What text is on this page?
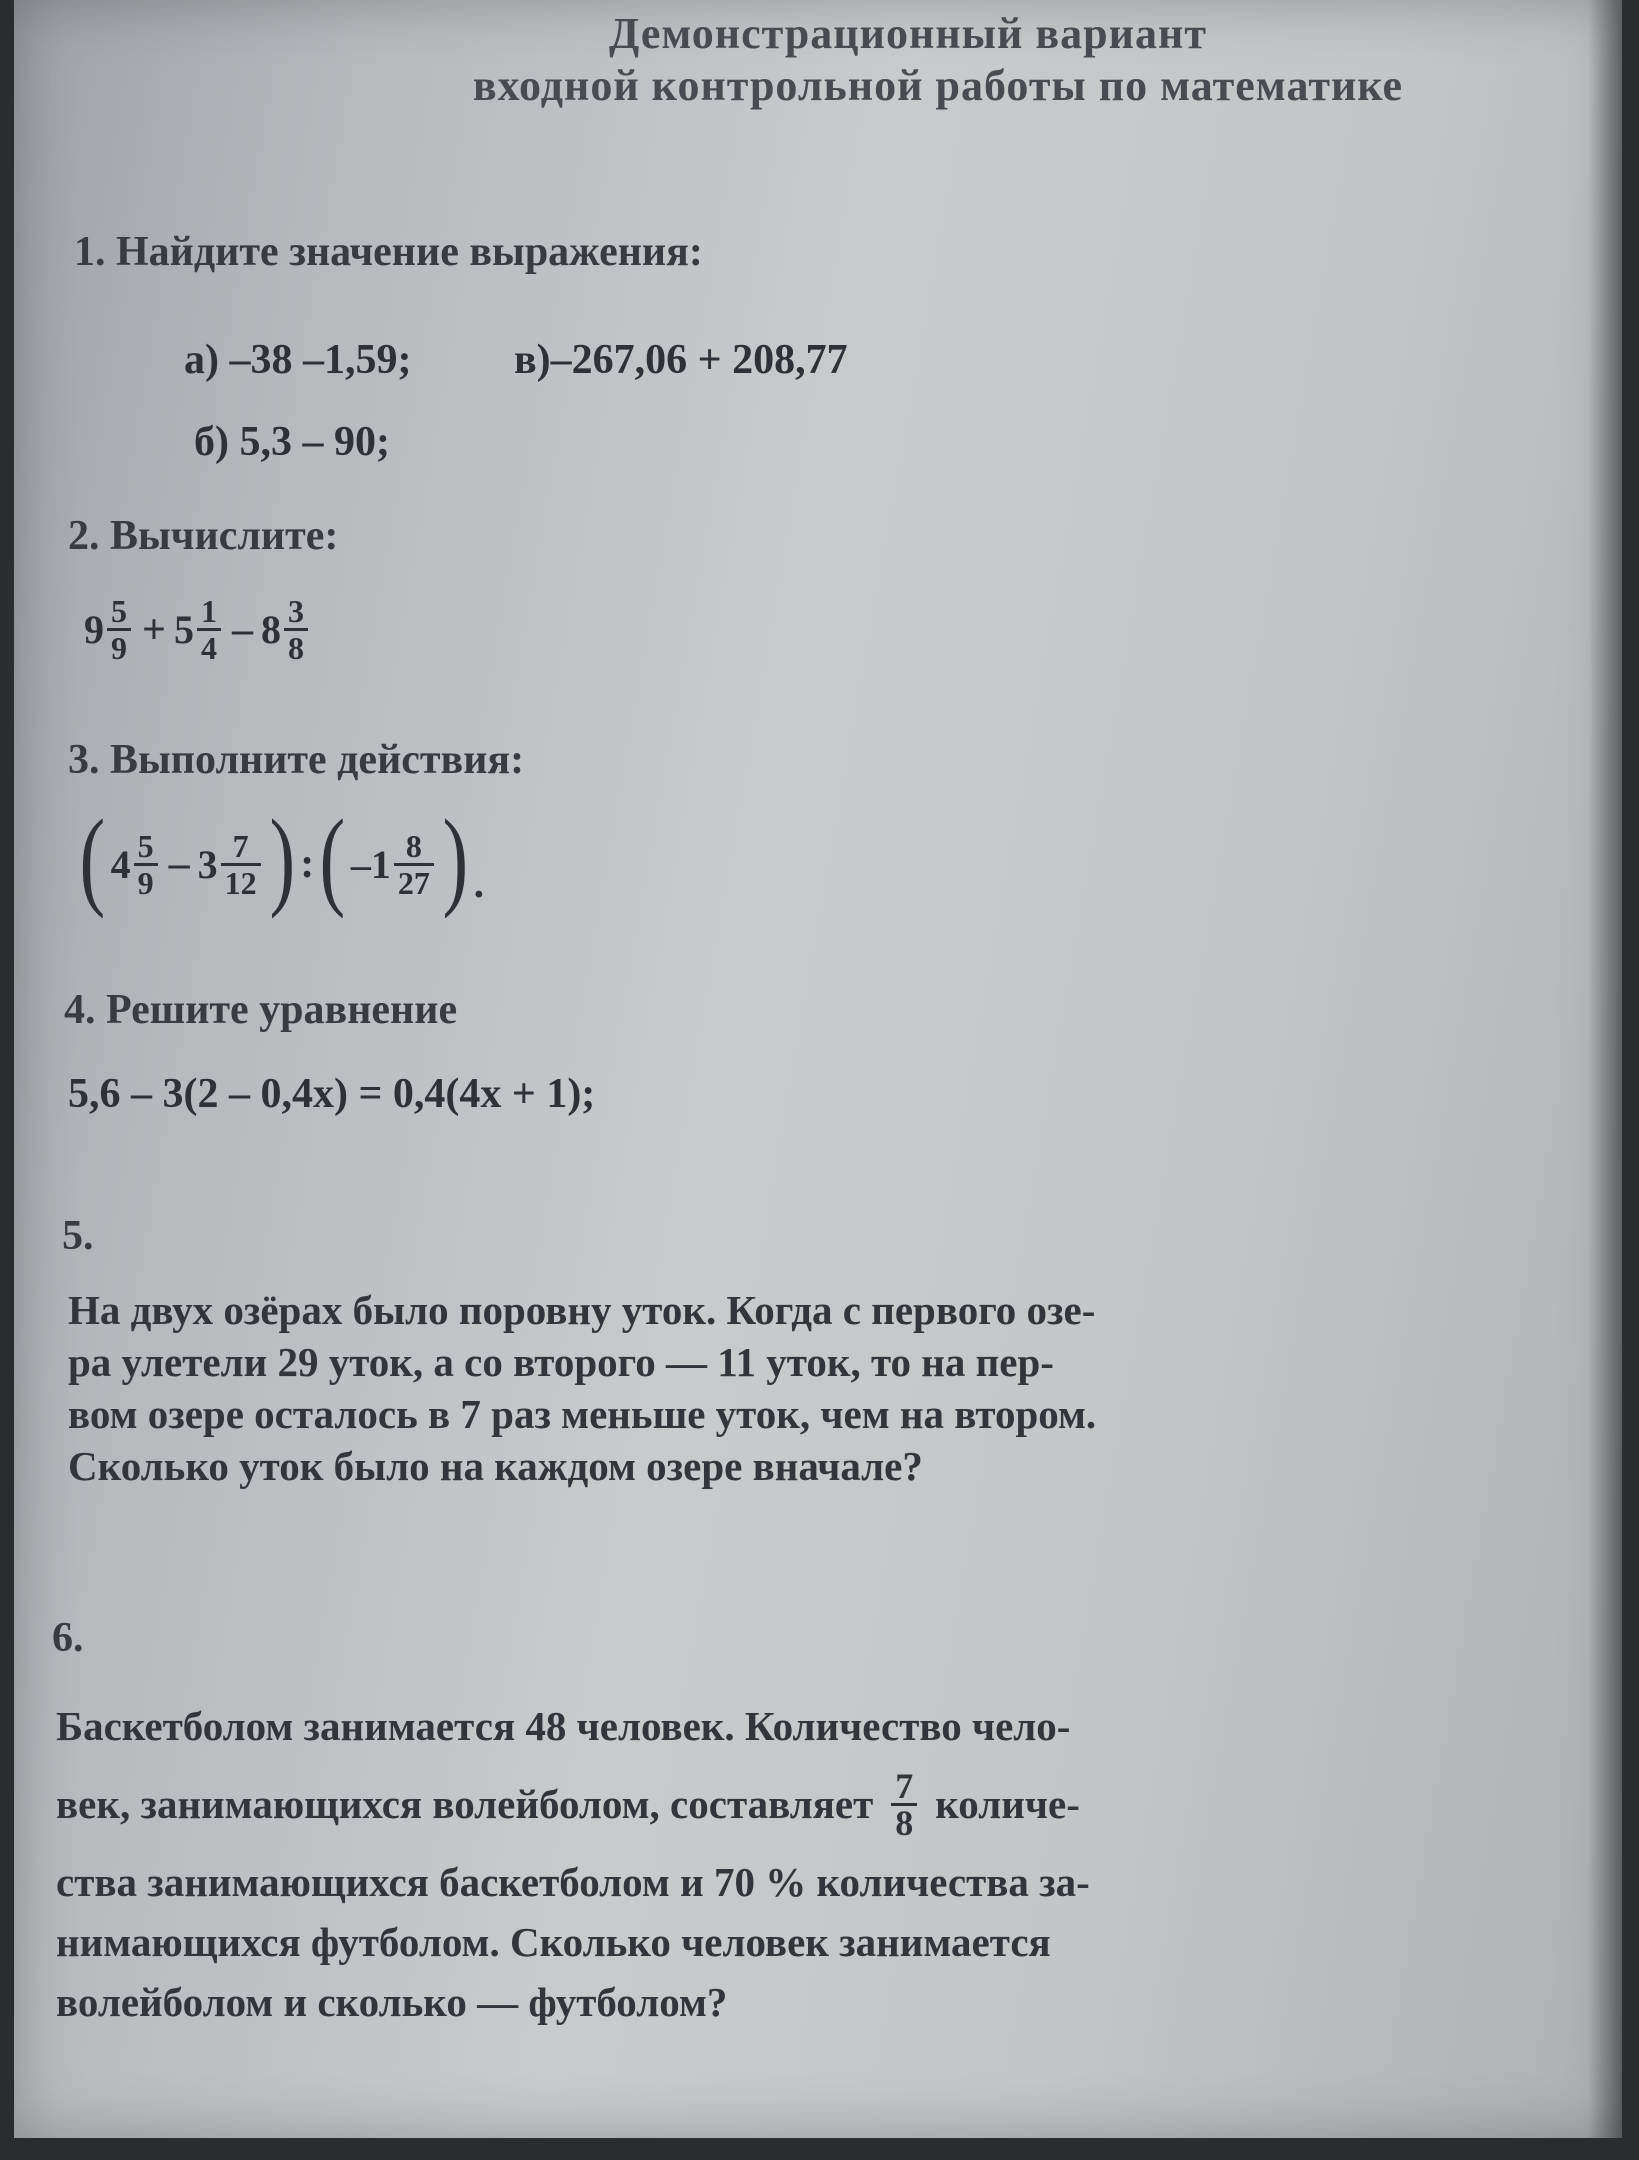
Демонстрационный вариант
входной контрольной работы по математике
1. Найдите значение выражения:
а) –38 –1,59; в)–267,06 + 208,77
б) 5,3 – 90;
2. Вычислите:
$9 \frac{5}{9} + 5 \frac{1}{4} - 8 \frac{3}{8}$
3. Выполните действия:
( $4 \frac{5}{9} - 3 \frac{7}{12}$ ) : ( $-1 \frac{8}{27}$ ) .
4. Решите уравнение
5,6 – 3(2 – 0,4x) = 0,4(4x + 1);
5.
На двух озёрах было поровну уток. Когда с первого озе-
ра улетели 29 уток, а со второго — 11 уток, то на пер-
вом озере осталось в 7 раз меньше уток, чем на втором.
Сколько уток было на каждом озере вначале?
6.
Баскетболом занимается 48 человек. Количество чело-
век, занимающихся волейболом, составляет $\frac{7}{8}$ количе-
ства занимающихся баскетболом и 70 % количества за-
нимающихся футболом. Сколько человек занимается
волейболом и сколько — футболом?
